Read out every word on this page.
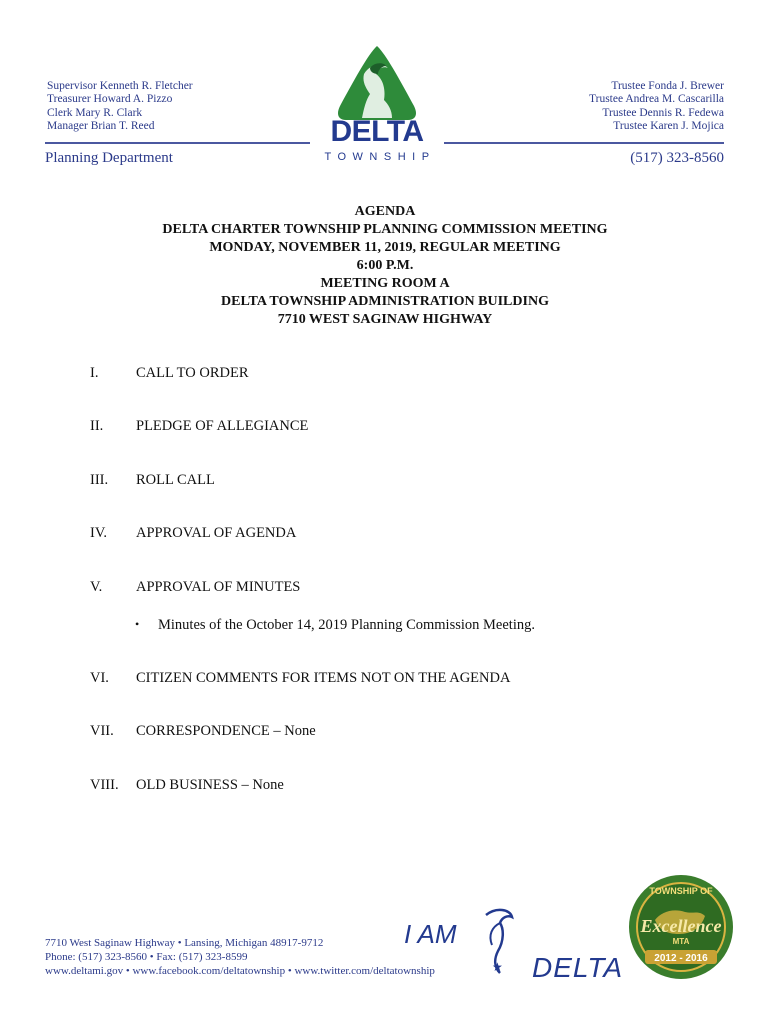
Supervisor Kenneth R. Fletcher
Treasurer Howard A. Pizzo
Clerk Mary R. Clark
Manager Brian T. Reed
Trustee Fonda J. Brewer
Trustee Andrea M. Cascarilla
Trustee Dennis R. Fedewa
Trustee Karen J. Mojica
Planning Department	(517) 323-8560
DELTA
TOWNSHIP
AGENDA
DELTA CHARTER TOWNSHIP PLANNING COMMISSION MEETING
MONDAY, NOVEMBER 11, 2019, REGULAR MEETING
6:00 P.M.
MEETING ROOM A
DELTA TOWNSHIP ADMINISTRATION BUILDING
7710 WEST SAGINAW HIGHWAY
I.	CALL TO ORDER
II. PLEDGE OF ALLEGIANCE
III. ROLL CALL
IV. APPROVAL OF AGENDA
V. APPROVAL OF MINUTES
• Minutes of the October 14, 2019 Planning Commission Meeting.
VI. CITIZEN COMMENTS FOR ITEMS NOT ON THE AGENDA
VII. CORRESPONDENCE – None
VIII. OLD BUSINESS – None
7710 West Saginaw Highway • Lansing, Michigan 48917-9712
Phone: (517) 323-8560 • Fax: (517) 323-8599
www.deltami.gov • www.facebook.com/deltatownship • www.twitter.com/deltatownship
I AM
★ DELTA
TOWNSHIP OF
Excellence
MTA
2012 - 2016
